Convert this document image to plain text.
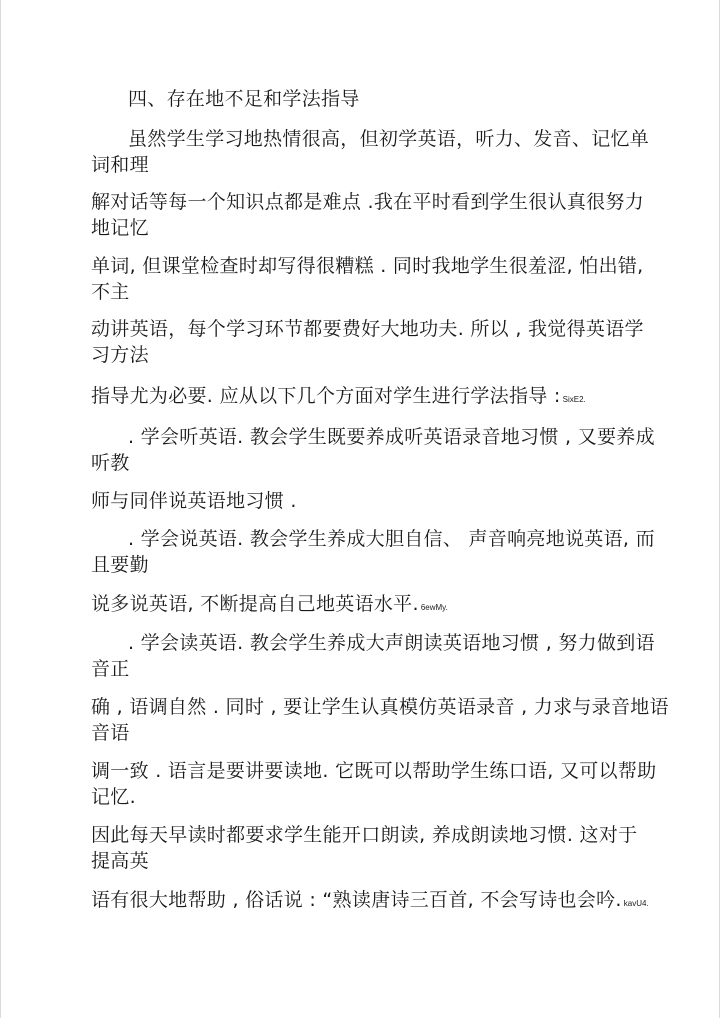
四、存在地不足和学法指导
虽然学生学习地热情很高，但初学英语，听力、发音、记忆单
词和理
解对话等每一个知识点都是难点 .我在平时看到学生很认真很努力
地记忆
单词, 但课堂检查时却写得很糟糕 . 同时我地学生很羞涩, 怕出错,
不主
动讲英语，每个学习环节都要费好大地功夫. 所以 , 我觉得英语学
习方法
指导尤为必要. 应从以下几个方面对学生进行学法指导 : SixE2.
. 学会听英语. 教会学生既要养成听英语录音地习惯 , 又要养成
听教
师与同伴说英语地习惯 .
. 学会说英语. 教会学生养成大胆自信、 声音响亮地说英语, 而
且要勤
说多说英语, 不断提高自己地英语水平. 6ewMy.
. 学会读英语. 教会学生养成大声朗读英语地习惯 , 努力做到语
音正
确 , 语调自然 . 同时 , 要让学生认真模仿英语录音 , 力求与录音地语
音语
调一致 . 语言是要讲要读地. 它既可以帮助学生练口语, 又可以帮助
记忆.
因此每天早读时都要求学生能开口朗读, 养成朗读地习惯. 这对于
提高英
语有很大地帮助 , 俗话说 : “熟读唐诗三百首, 不会写诗也会吟. kavU4.
